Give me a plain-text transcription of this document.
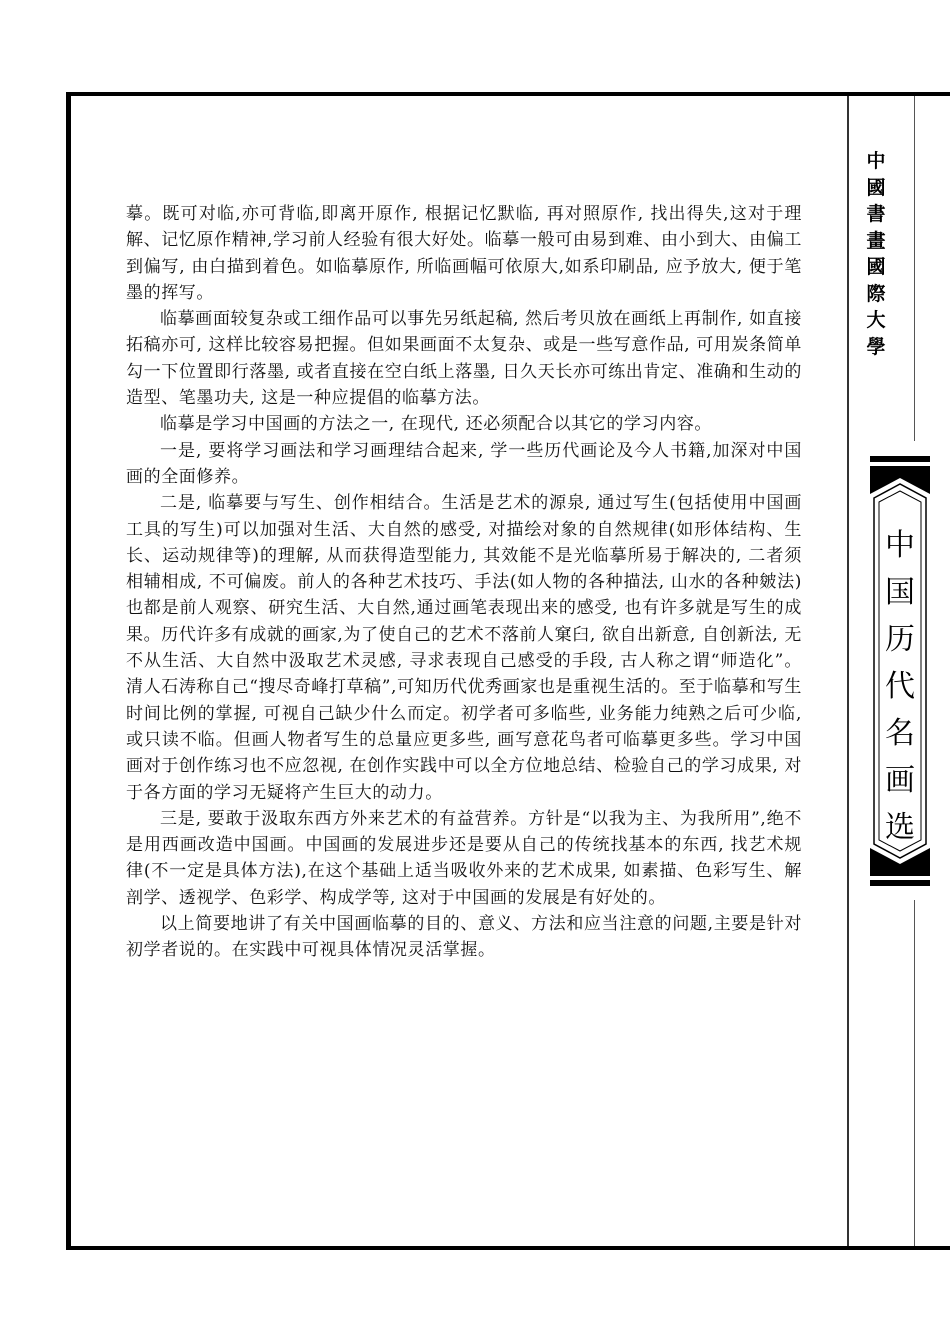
中
國
書
畫
國
際
大
學
中
国
历
代
名
画
选

摹。既可对临,亦可背临,即离开原作, 根据记忆默临, 再对照原作, 找出得失,这对于理解、记忆原作精神,学习前人经验有很大好处。临摹一般可由易到难、由小到大、由偏工到偏写, 由白描到着色。如临摹原作, 所临画幅可依原大,如系印刷品, 应予放大, 便于笔墨的挥写。

临摹画面较复杂或工细作品可以事先另纸起稿, 然后考贝放在画纸上再制作, 如直接拓稿亦可, 这样比较容易把握。但如果画面不太复杂、或是一些写意作品, 可用炭条简单勾一下位置即行落墨, 或者直接在空白纸上落墨, 日久天长亦可练出肯定、准确和生动的造型、笔墨功夫, 这是一种应提倡的临摹方法。

临摹是学习中国画的方法之一, 在现代, 还必须配合以其它的学习内容。

一是, 要将学习画法和学习画理结合起来, 学一些历代画论及今人书籍,加深对中国画的全面修养。

二是, 临摹要与写生、创作相结合。生活是艺术的源泉, 通过写生(包括使用中国画工具的写生)可以加强对生活、大自然的感受, 对描绘对象的自然规律(如形体结构、生长、运动规律等)的理解, 从而获得造型能力, 其效能不是光临摹所易于解决的, 二者须相辅相成, 不可偏废。前人的各种艺术技巧、手法(如人物的各种描法, 山水的各种皴法)也都是前人观察、研究生活、大自然,通过画笔表现出来的感受, 也有许多就是写生的成果。历代许多有成就的画家,为了使自己的艺术不落前人窠臼, 欲自出新意, 自创新法, 无不从生活、大自然中汲取艺术灵感, 寻求表现自己感受的手段, 古人称之谓“师造化”。清人石涛称自己“搜尽奇峰打草稿”,可知历代优秀画家也是重视生活的。至于临摹和写生时间比例的掌握, 可视自己缺少什么而定。初学者可多临些, 业务能力纯熟之后可少临, 或只读不临。但画人物者写生的总量应更多些, 画写意花鸟者可临摹更多些。学习中国画对于创作练习也不应忽视, 在创作实践中可以全方位地总结、检验自己的学习成果, 对于各方面的学习无疑将产生巨大的动力。

三是, 要敢于汲取东西方外来艺术的有益营养。方针是“以我为主、为我所用”,绝不是用西画改造中国画。中国画的发展进步还是要从自己的传统找基本的东西, 找艺术规律(不一定是具体方法),在这个基础上适当吸收外来的艺术成果, 如素描、色彩写生、解剖学、透视学、色彩学、构成学等, 这对于中国画的发展是有好处的。

以上简要地讲了有关中国画临摹的目的、意义、方法和应当注意的问题,主要是针对初学者说的。在实践中可视具体情况灵活掌握。
